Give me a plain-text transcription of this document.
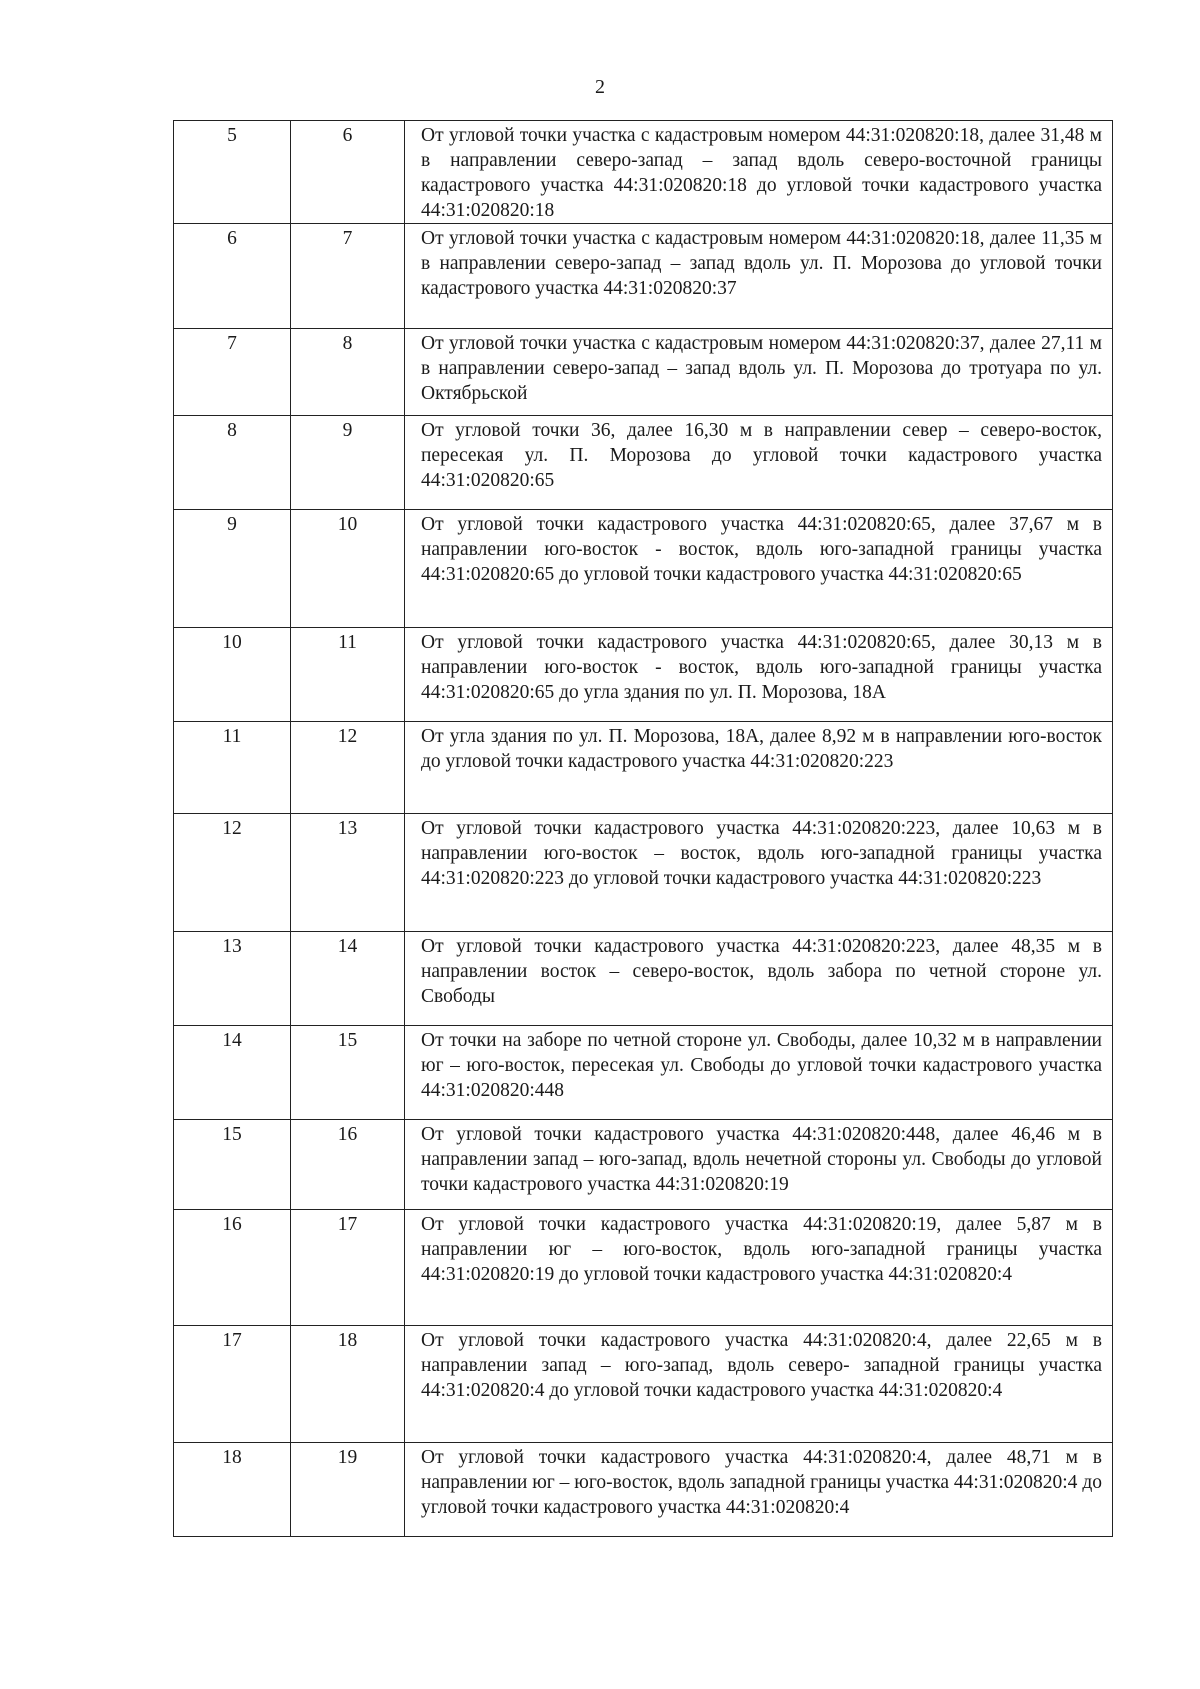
2
5	6	От угловой точки участка с кадастровым номером 44:31:020820:18, далее 31,48 м в направлении северо-запад – запад вдоль северо-восточной границы кадастрового участка 44:31:020820:18 до угловой точки кадастрового участка 44:31:020820:18

6	7	От угловой точки участка с кадастровым номером 44:31:020820:18, далее 11,35 м в направлении северо-запад – запад вдоль ул. П. Морозова до угловой точки кадастрового участка 44:31:020820:37

7	8	От угловой точки участка с кадастровым номером 44:31:020820:37, далее 27,11 м в направлении северо-запад – запад вдоль ул. П. Морозова до тротуара по ул. Октябрьской

8	9	От угловой точки 36, далее 16,30 м в направлении север – северо-восток, пересекая ул. П. Морозова до угловой точки кадастрового участка 44:31:020820:65

9	10	От угловой точки кадастрового участка 44:31:020820:65, далее 37,67 м в направлении юго-восток - восток, вдоль юго-западной границы участка 44:31:020820:65 до угловой точки кадастрового участка 44:31:020820:65

10	11	От угловой точки кадастрового участка 44:31:020820:65, далее 30,13 м в направлении юго-восток - восток, вдоль юго-западной границы участка 44:31:020820:65 до угла здания по ул. П. Морозова, 18А

11	12	От угла здания по ул. П. Морозова, 18А, далее 8,92 м в направлении юго-восток до угловой точки кадастрового участка 44:31:020820:223

12	13	От угловой точки кадастрового участка 44:31:020820:223, далее 10,63 м в направлении юго-восток – восток, вдоль юго-западной границы участка 44:31:020820:223 до угловой точки кадастрового участка 44:31:020820:223

13	14	От угловой точки кадастрового участка 44:31:020820:223, далее 48,35 м в направлении восток – северо-восток, вдоль забора по четной стороне ул. Свободы

14	15	От точки на заборе по четной стороне ул. Свободы, далее 10,32 м в направлении юг – юго-восток, пересекая ул. Свободы до угловой точки кадастрового участка 44:31:020820:448

15	16	От угловой точки кадастрового участка 44:31:020820:448, далее 46,46 м в направлении запад – юго-запад, вдоль нечетной стороны ул. Свободы до угловой точки кадастрового участка 44:31:020820:19

16	17	От угловой точки кадастрового участка 44:31:020820:19, далее 5,87 м в направлении юг – юго-восток, вдоль юго-западной границы участка 44:31:020820:19 до угловой точки кадастрового участка 44:31:020820:4

17	18	От угловой точки кадастрового участка 44:31:020820:4, далее 22,65 м в направлении запад – юго-запад, вдоль северо- западной границы участка 44:31:020820:4 до угловой точки кадастрового участка 44:31:020820:4

18	19	От угловой точки кадастрового участка 44:31:020820:4, далее 48,71 м в направлении юг – юго-восток, вдоль западной границы участка 44:31:020820:4 до угловой точки кадастрового участка 44:31:020820:4
